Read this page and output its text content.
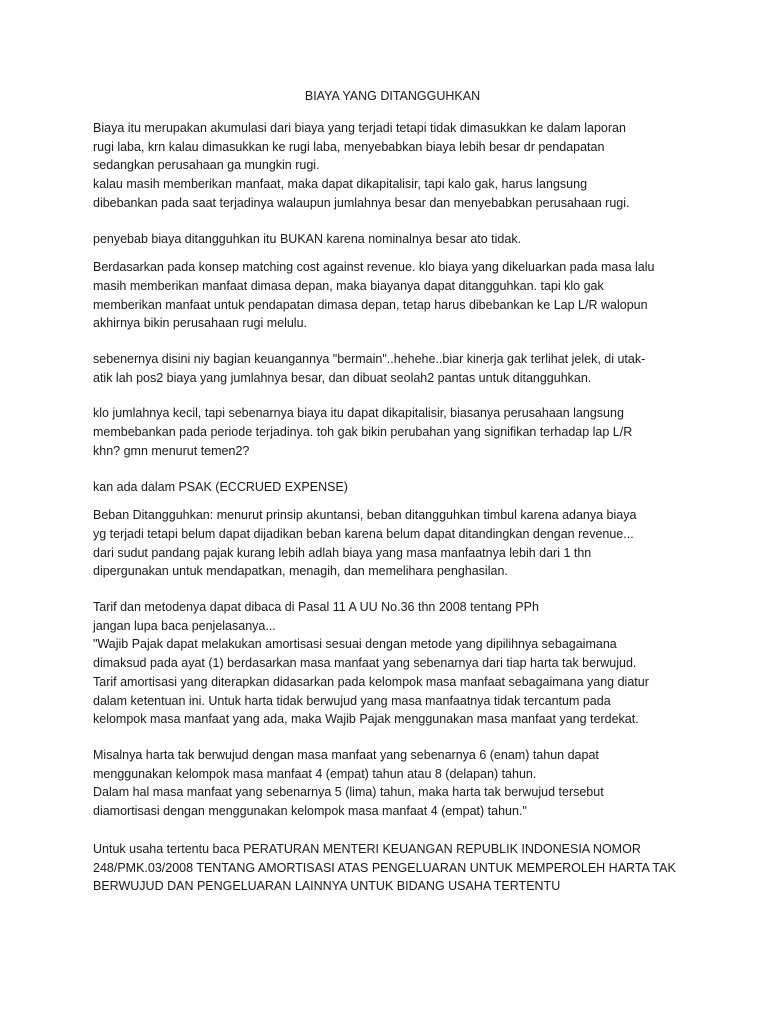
BIAYA YANG DITANGGUHKAN
Biaya itu merupakan akumulasi dari biaya yang terjadi tetapi tidak dimasukkan ke dalam laporan
rugi laba, krn kalau dimasukkan ke rugi laba, menyebabkan biaya lebih besar dr pendapatan
sedangkan perusahaan ga mungkin rugi.
kalau masih memberikan manfaat, maka dapat dikapitalisir, tapi kalo gak, harus langsung
dibebankan pada saat terjadinya walaupun jumlahnya besar dan menyebabkan perusahaan rugi.
penyebab biaya ditangguhkan itu BUKAN karena nominalnya besar ato tidak.
Berdasarkan pada konsep matching cost against revenue. klo biaya yang dikeluarkan pada masa lalu
masih memberikan manfaat dimasa depan, maka biayanya dapat ditangguhkan. tapi klo gak
memberikan manfaat untuk pendapatan dimasa depan, tetap harus dibebankan ke Lap L/R walopun
akhirnya bikin perusahaan rugi melulu.
sebenernya disini niy bagian keuangannya "bermain"..hehehe..biar kinerja gak terlihat jelek, di utak-
atik lah pos2 biaya yang jumlahnya besar, dan dibuat seolah2 pantas untuk ditangguhkan.
klo jumlahnya kecil, tapi sebenarnya biaya itu dapat dikapitalisir, biasanya perusahaan langsung
membebankan pada periode terjadinya. toh gak bikin perubahan yang signifikan terhadap lap L/R
khn? gmn menurut temen2?
kan ada dalam PSAK (ECCRUED EXPENSE)
Beban Ditangguhkan: menurut prinsip akuntansi, beban ditangguhkan timbul karena adanya biaya
yg terjadi tetapi belum dapat dijadikan beban karena belum dapat ditandingkan dengan revenue...
dari sudut pandang pajak kurang lebih adlah biaya yang masa manfaatnya lebih dari 1 thn
dipergunakan untuk mendapatkan, menagih, dan memelihara penghasilan.
Tarif dan metodenya dapat dibaca di Pasal 11 A UU No.36 thn 2008 tentang PPh
jangan lupa baca penjelasanya...
"Wajib Pajak dapat melakukan amortisasi sesuai dengan metode yang dipilihnya sebagaimana
dimaksud pada ayat (1) berdasarkan masa manfaat yang sebenarnya dari tiap harta tak berwujud.
Tarif amortisasi yang diterapkan didasarkan pada kelompok masa manfaat sebagaimana yang diatur
dalam ketentuan ini. Untuk harta tidak berwujud yang masa manfaatnya tidak tercantum pada
kelompok masa manfaat yang ada, maka Wajib Pajak menggunakan masa manfaat yang terdekat.
Misalnya harta tak berwujud dengan masa manfaat yang sebenarnya 6 (enam) tahun dapat
menggunakan kelompok masa manfaat 4 (empat) tahun atau 8 (delapan) tahun.
Dalam hal masa manfaat yang sebenarnya 5 (lima) tahun, maka harta tak berwujud tersebut
diamortisasi dengan menggunakan kelompok masa manfaat 4 (empat) tahun."
Untuk usaha tertentu baca PERATURAN MENTERI KEUANGAN REPUBLIK INDONESIA NOMOR
248/PMK.03/2008 TENTANG AMORTISASI ATAS PENGELUARAN UNTUK MEMPEROLEH HARTA TAK
BERWUJUD DAN PENGELUARAN LAINNYA UNTUK BIDANG USAHA TERTENTU
